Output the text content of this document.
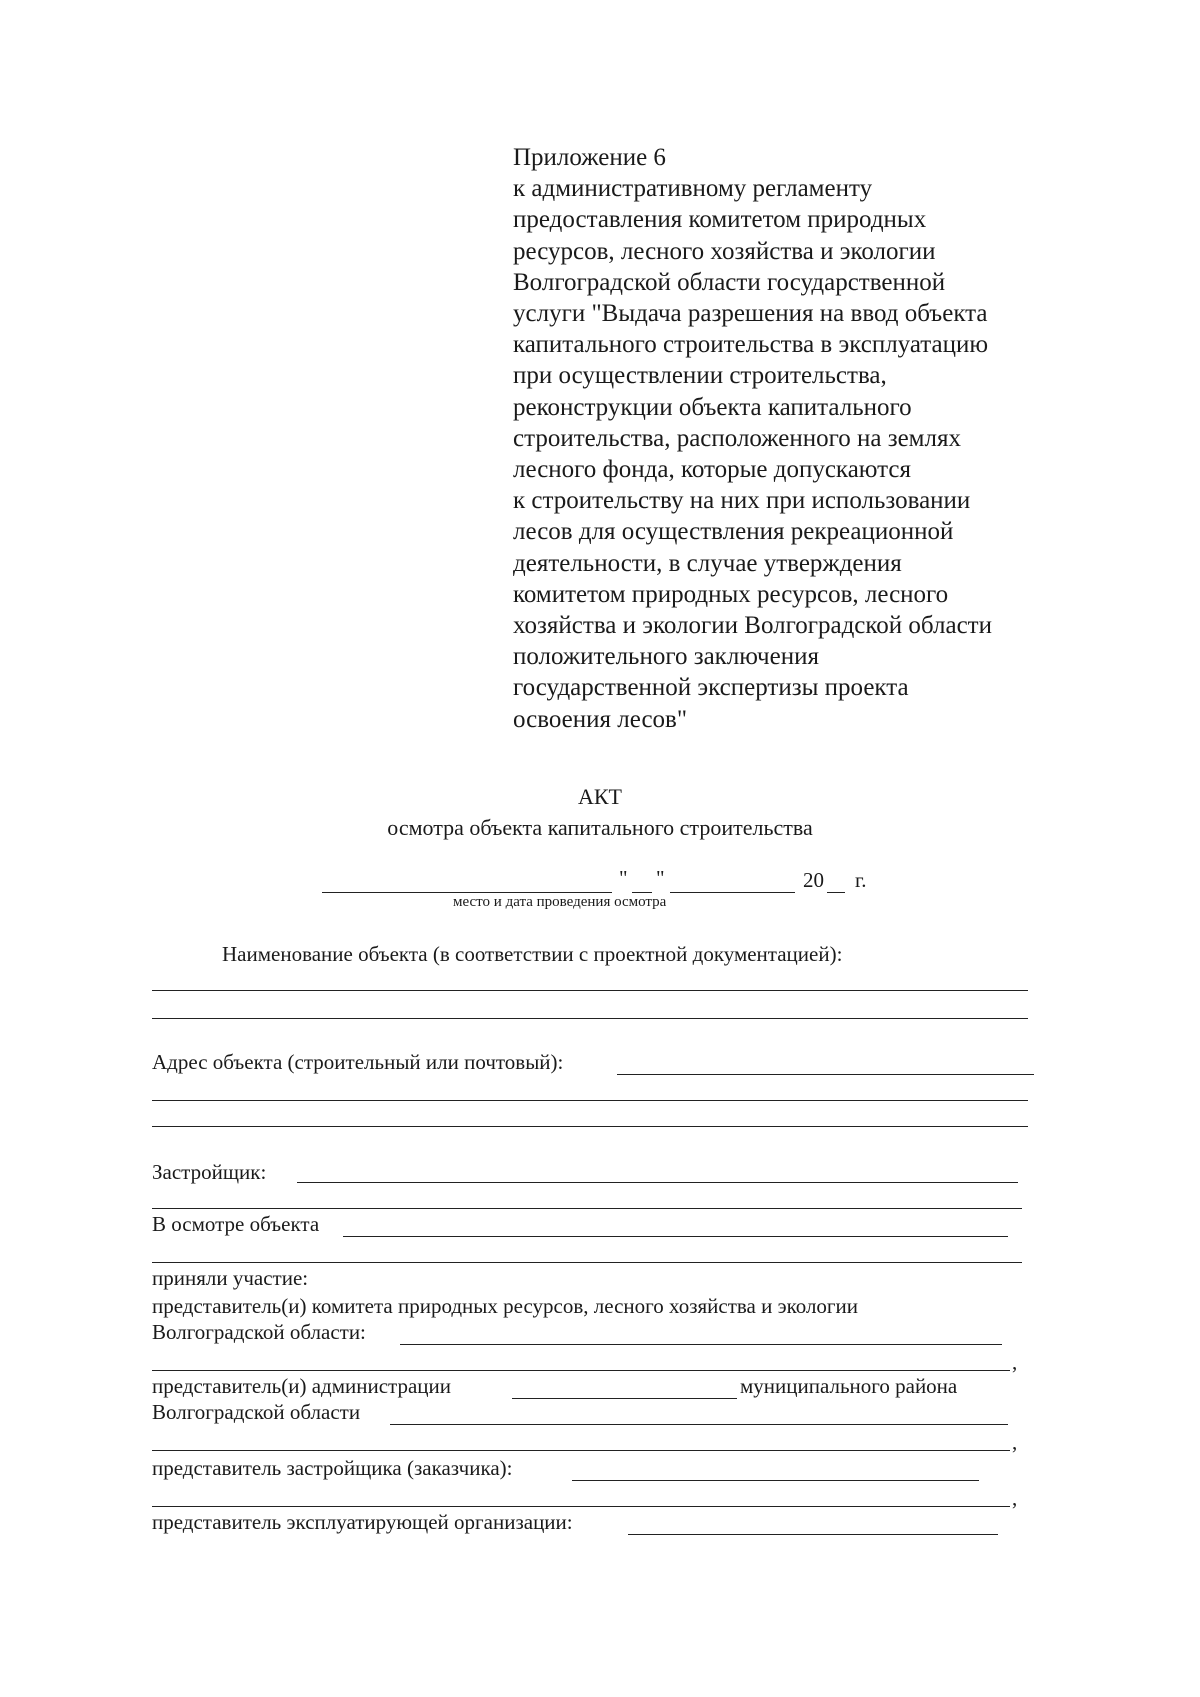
Приложение 6
к административному регламенту
предоставления комитетом природных
ресурсов, лесного хозяйства и экологии
Волгоградской области государственной
услуги "Выдача разрешения на ввод объекта
капитального строительства в эксплуатацию
при осуществлении строительства,
реконструкции объекта капитального
строительства, расположенного на землях
лесного фонда, которые допускаются
к строительству на них при использовании
лесов для осуществления рекреационной
деятельности, в случае утверждения
комитетом природных ресурсов, лесного
хозяйства и экологии Волгоградской области
положительного заключения
государственной экспертизы проекта
освоения лесов"
АКТ
осмотра объекта капитального строительства
" "	20 г.
место и дата проведения осмотра
Наименование объекта (в соответствии с проектной документацией):
Адрес объекта (строительный или почтовый):
Застройщик:
В осмотре объекта
приняли участие:
представитель(и) комитета природных ресурсов, лесного хозяйства и экологии
Волгоградской области:
,
представитель(и) администрации	муниципального района
Волгоградской области
,
представитель застройщика (заказчика):
,
представитель эксплуатирующей организации:
